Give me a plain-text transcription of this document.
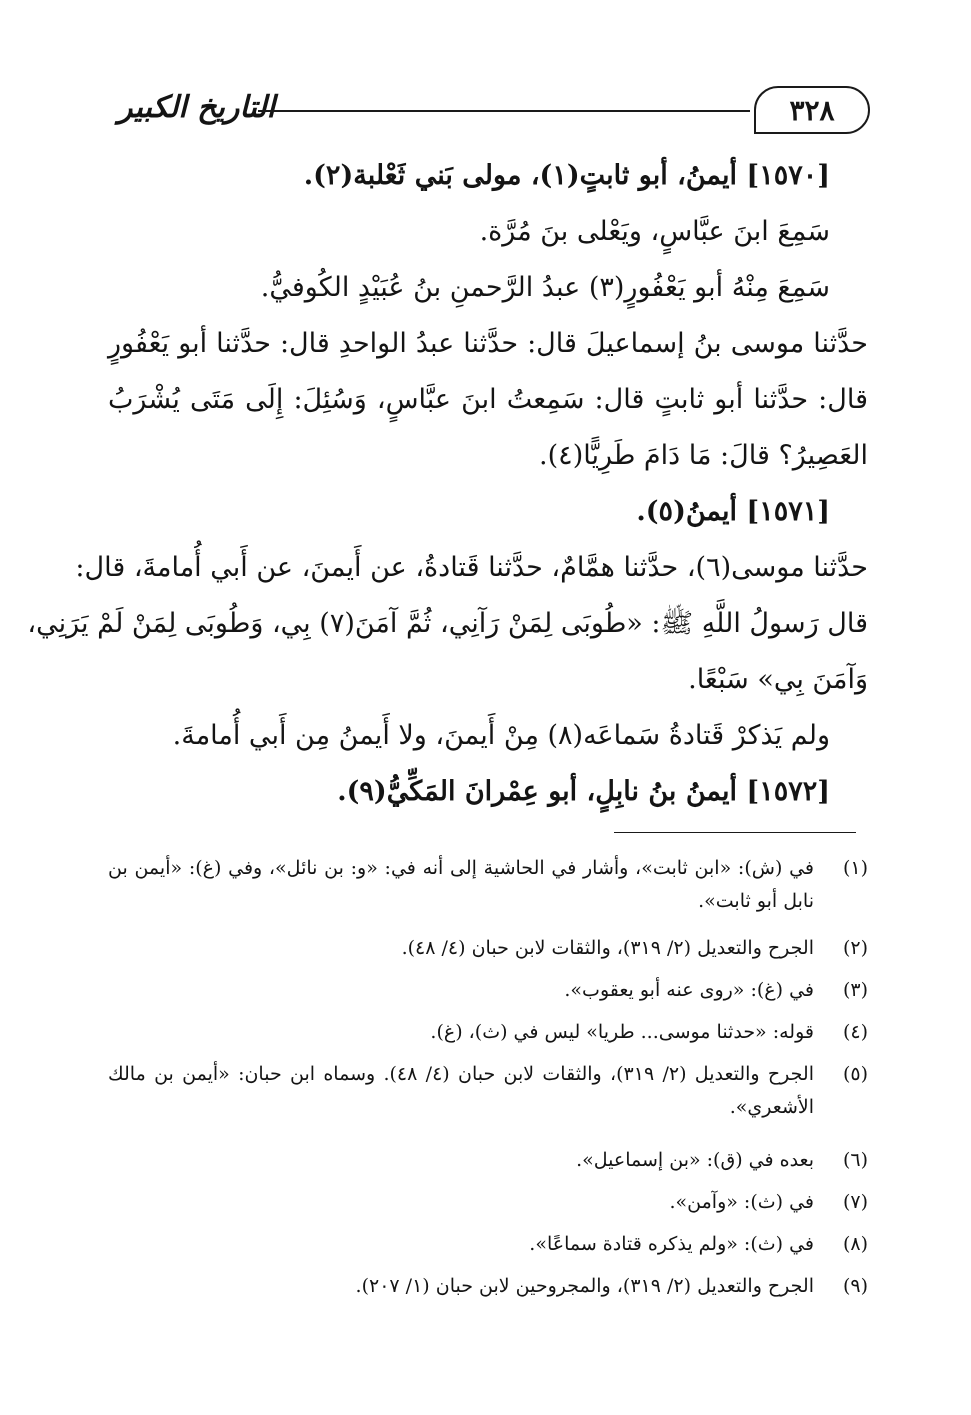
التاريخ الكبير	٣٢٨
[١٥٧٠] أيمنُ، أبو ثابتٍ(١)، مولى بَني ثَعْلبة(٢).
سَمِعَ ابنَ عبَّاسٍ، ويَعْلى بنَ مُرَّة.
سَمِعَ مِنْهُ أبو يَعْفُورٍ(٣) عبدُ الرَّحمنِ بنُ عُبَيْدٍ الكُوفيُّ.
حدَّثنا موسى بنُ إسماعيلَ قال: حدَّثنا عبدُ الواحدِ قال: حدَّثنا أبو يَعْفُورٍ
قال: حدَّثنا أبو ثابتٍ قال: سَمِعتُ ابنَ عبَّاسٍ، وَسُئِلَ: إِلَى مَتَى يُشْرَبُ
العَصِيرُ؟ قالَ: مَا دَامَ طَرِيًّا(٤).
[١٥٧١] أيمنُ(٥).
حدَّثنا موسى(٦)، حدَّثنا همَّامٌ، حدَّثنا قَتادةُ، عن أَيمنَ، عن أَبي أُمامةَ، قال:
قال رَسولُ اللَّهِ ﷺ: «طُوبَى لِمَنْ رَآنِي، ثُمَّ آمَنَ(٧) بِي، وَطُوبَى لِمَنْ لَمْ يَرَنِي،
وَآمَنَ بِي» سَبْعًا.
ولم يَذكرْ قَتادةُ سَماعَه(٨) مِنْ أَيمنَ، ولا أَيمنُ مِن أَبي أُمامةَ.
[١٥٧٢] أيمنُ بنُ نابِلٍ، أبو عِمْرانَ المَكِّيُّ(٩).
(١)
في (ش): «ابن ثابت»، وأشار في الحاشية إلى أنه في: «و: بن نائل»، وفي (غ): «أيمن بن نابل أبو ثابت».
(٢)
الجرح والتعديل (٢/ ٣١٩)، والثقات لابن حبان (٤/ ٤٨).
(٣)
في (غ): «روى عنه أبو يعقوب».
(٤)
قوله: «حدثنا موسى... طريا» ليس في (ث)، (غ).
(٥)
الجرح والتعديل (٢/ ٣١٩)، والثقات لابن حبان (٤/ ٤٨). وسماه ابن حبان: «أيمن بن مالك الأشعري».
(٦)
بعده في (ق): «بن إسماعيل».
(٧)
في (ث): «وآمن».
(٨)
في (ث): «ولم يذكره قتادة سماعًا».
(٩)
الجرح والتعديل (٢/ ٣١٩)، والمجروحين لابن حبان (١/ ٢٠٧).
